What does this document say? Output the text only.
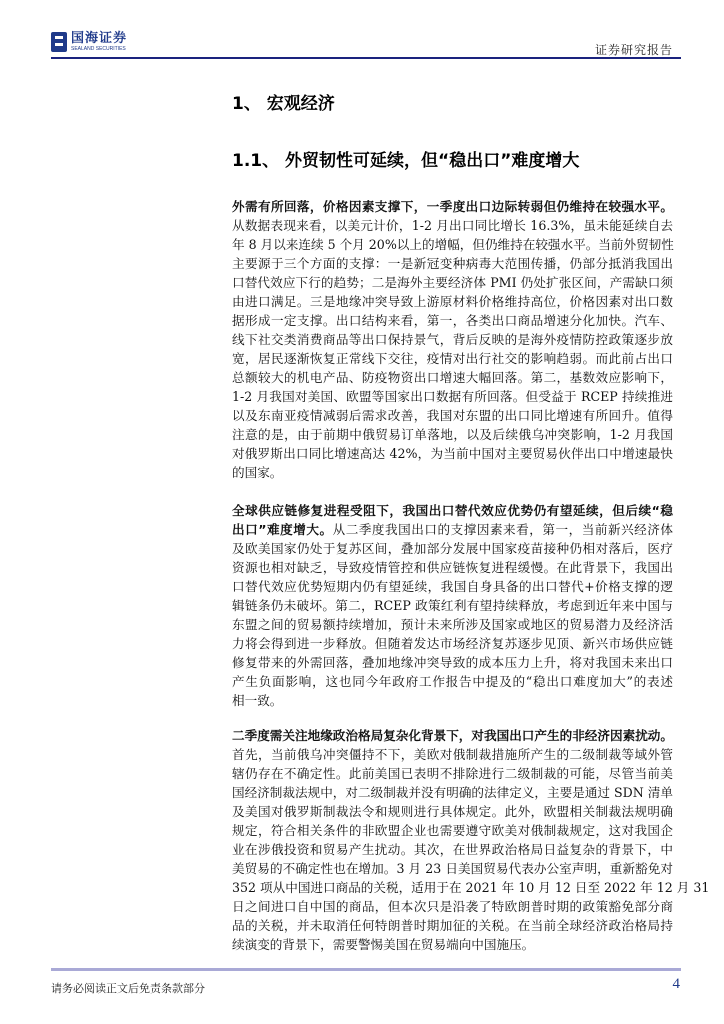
国海证券
SEALAND SECURITIES	证券研究报告
1、 宏观经济
1.1、 外贸韧性可延续，但“稳出口”难度增大
外需有所回落，价格因素支撑下，一季度出口边际转弱但仍维持在较强水平。
从数据表现来看，以美元计价，1-2 月出口同比增长 16.3%，虽未能延续自去
年 8 月以来连续 5 个月 20%以上的增幅，但仍维持在较强水平。当前外贸韧性
主要源于三个方面的支撑：一是新冠变种病毒大范围传播，仍部分抵消我国出
口替代效应下行的趋势；二是海外主要经济体 PMI 仍处扩张区间，产需缺口须
由进口满足。三是地缘冲突导致上游原材料价格维持高位，价格因素对出口数
据形成一定支撑。出口结构来看，第一，各类出口商品增速分化加快。汽车、
线下社交类消费商品等出口保持景气，背后反映的是海外疫情防控政策逐步放
宽，居民逐渐恢复正常线下交往，疫情对出行社交的影响趋弱。而此前占出口
总额较大的机电产品、防疫物资出口增速大幅回落。第二，基数效应影响下，
1-2 月我国对美国、欧盟等国家出口数据有所回落。但受益于 RCEP 持续推进
以及东南亚疫情减弱后需求改善，我国对东盟的出口同比增速有所回升。值得
注意的是，由于前期中俄贸易订单落地，以及后续俄乌冲突影响，1-2 月我国
对俄罗斯出口同比增速高达 42%，为当前中国对主要贸易伙伴出口中增速最快
的国家。
全球供应链修复进程受阻下，我国出口替代效应优势仍有望延续，但后续“稳
出口”难度增大。从二季度我国出口的支撑因素来看，第一，当前新兴经济体
及欧美国家仍处于复苏区间，叠加部分发展中国家疫苗接种仍相对落后，医疗
资源也相对缺乏，导致疫情管控和供应链恢复进程缓慢。在此背景下，我国出
口替代效应优势短期内仍有望延续，我国自身具备的出口替代+价格支撑的逻
辑链条仍未破坏。第二，RCEP 政策红利有望持续释放，考虑到近年来中国与
东盟之间的贸易额持续增加，预计未来所涉及国家或地区的贸易潜力及经济活
力将会得到进一步释放。但随着发达市场经济复苏逐步见顶、新兴市场供应链
修复带来的外需回落，叠加地缘冲突导致的成本压力上升，将对我国未来出口
产生负面影响，这也同今年政府工作报告中提及的“稳出口难度加大”的表述
相一致。
二季度需关注地缘政治格局复杂化背景下，对我国出口产生的非经济因素扰动。
首先，当前俄乌冲突僵持不下，美欧对俄制裁措施所产生的二级制裁等域外管
辖仍存在不确定性。此前美国已表明不排除进行二级制裁的可能，尽管当前美
国经济制裁法规中，对二级制裁并没有明确的法律定义，主要是通过 SDN 清单
及美国对俄罗斯制裁法令和规则进行具体规定。此外，欧盟相关制裁法规明确
规定，符合相关条件的非欧盟企业也需要遵守欧美对俄制裁规定，这对我国企
业在涉俄投资和贸易产生扰动。其次，在世界政治格局日益复杂的背景下，中
美贸易的不确定性也在增加。3 月 23 日美国贸易代表办公室声明，重新豁免对
352 项从中国进口商品的关税，适用于在 2021 年 10 月 12 日至 2022 年 12 月 31
日之间进口自中国的商品，但本次只是沿袭了特欧朗普时期的政策豁免部分商
品的关税，并未取消任何特朗普时期加征的关税。在当前全球经济政治格局持
续演变的背景下，需要警惕美国在贸易端向中国施压。
请务必阅读正文后免责条款部分	4
